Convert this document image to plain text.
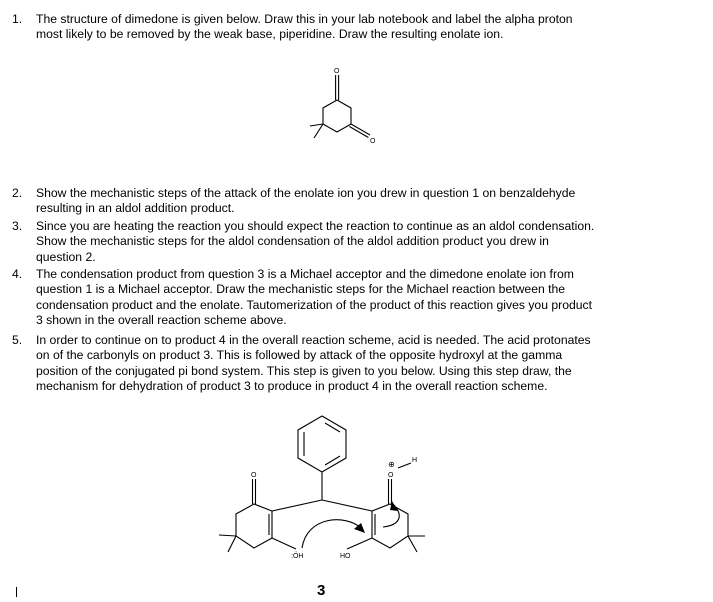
1.	The structure of dimedone is given below. Draw this in your lab notebook and label the alpha proton
most likely to be removed by the weak base, piperidine. Draw the resulting enolate ion.
O
O
2.	Show the mechanistic steps of the attack of the enolate ion you drew in question 1 on benzaldehyde
resulting in an aldol addition product.
3.	Since you are heating the reaction you should expect the reaction to continue as an aldol condensation.
Show the mechanistic steps for the aldol condensation of the aldol addition product you drew in
question 2.
4.	The condensation product from question 3 is a Michael acceptor and the dimedone enolate ion from
question 1 is a Michael acceptor. Draw the mechanistic steps for the Michael reaction between the
condensation product and the enolate. Tautomerization of the product of this reaction gives you product
3 shown in the overall reaction scheme above.
5.	In order to continue on to product 4 in the overall reaction scheme, acid is needed. The acid protonates
on of the carbonyls on product 3. This is followed by attack of the opposite hydroxyl at the gamma
position of the conjugated pi bond system. This step is given to you below. Using this step draw, the
mechanism for dehydration of product 3 to produce in product 4 in the overall reaction scheme.
O	O
⊕ H
:ÖH	HO
3
